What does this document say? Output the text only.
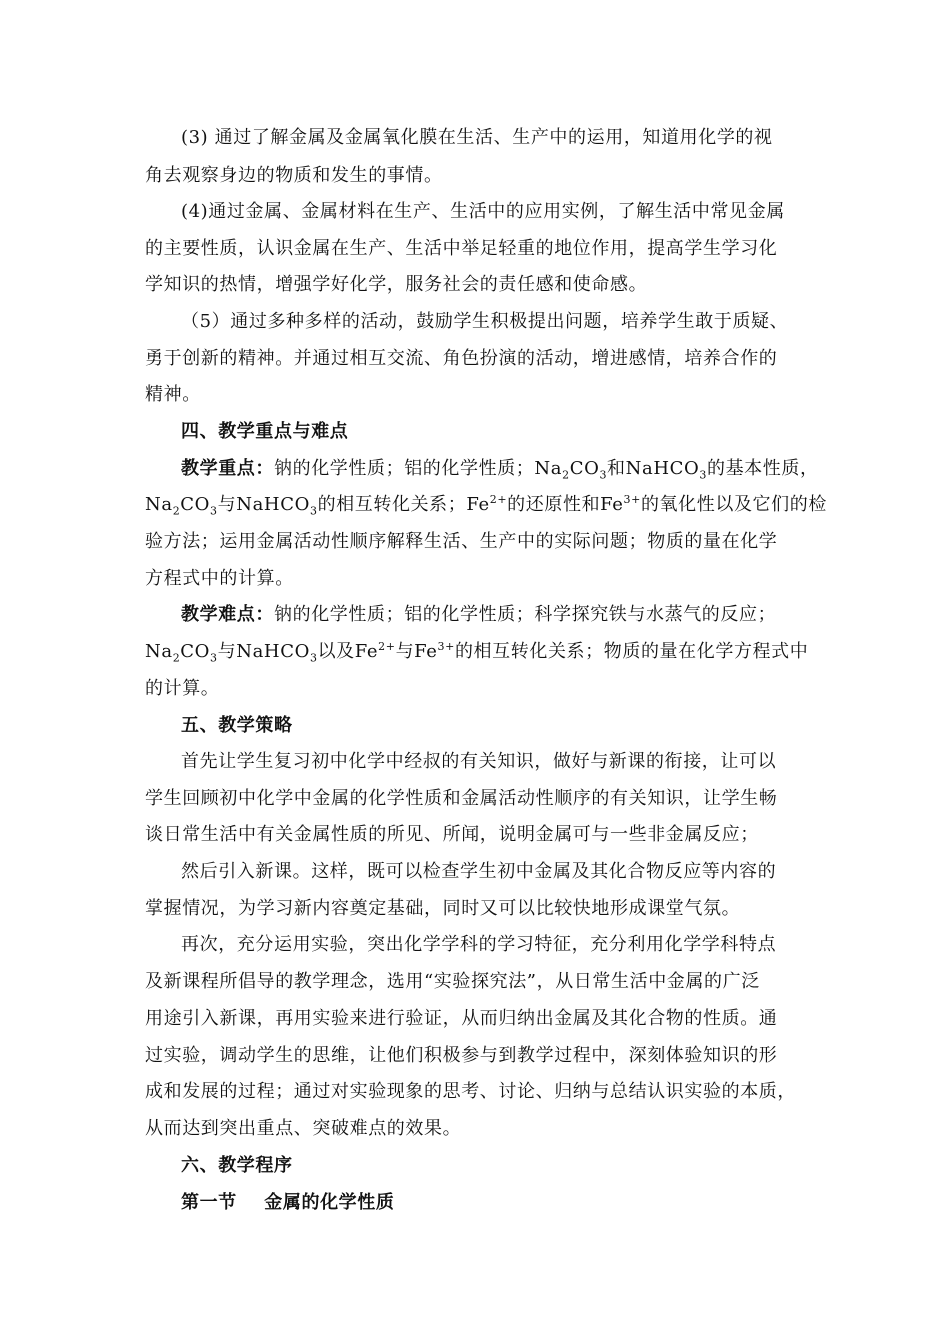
(3) 通过了解金属及金属氧化膜在生活、生产中的运用，知道用化学的视
角去观察身边的物质和发生的事情。
(4)通过金属、金属材料在生产、生活中的应用实例，了解生活中常见金属
的主要性质，认识金属在生产、生活中举足轻重的地位作用，提高学生学习化
学知识的热情，增强学好化学，服务社会的责任感和使命感。
（5）通过多种多样的活动，鼓励学生积极提出问题，培养学生敢于质疑、
勇于创新的精神。并通过相互交流、角色扮演的活动，增进感情，培养合作的
精神。
四、教学重点与难点
教学重点：钠的化学性质；铝的化学性质；$Na_2CO_3$和NaHCO$_3$的基本性质，
$Na_2CO_3$与NaHCO$_3$的相互转化关系；$Fe^{2+}$的还原性和$Fe^{3+}$的氧化性以及它们的检
验方法；运用金属活动性顺序解释生活、生产中的实际问题；物质的量在化学
方程式中的计算。
教学难点：钠的化学性质；铝的化学性质；科学探究铁与水蒸气的反应；
$Na_2CO_3$与NaHCO$_3$以及$Fe^{2+}$与$Fe^{3+}$的相互转化关系；物质的量在化学方程式中
的计算。
五、教学策略
首先让学生复习初中化学中经叔的有关知识，做好与新课的衔接，让可以
学生回顾初中化学中金属的化学性质和金属活动性顺序的有关知识，让学生畅
谈日常生活中有关金属性质的所见、所闻，说明金属可与一些非金属反应；
然后引入新课。这样，既可以检查学生初中金属及其化合物反应等内容的
掌握情况，为学习新内容奠定基础，同时又可以比较快地形成课堂气氛。
再次，充分运用实验，突出化学学科的学习特征，充分利用化学学科特点
及新课程所倡导的教学理念，选用“实验探究法”，从日常生活中金属的广泛
用途引入新课，再用实验来进行验证，从而归纳出金属及其化合物的性质。通
过实验，调动学生的思维，让他们积极参与到教学过程中，深刻体验知识的形
成和发展的过程；通过对实验现象的思考、讨论、归纳与总结认识实验的本质，
从而达到突出重点、突破难点的效果。
六、教学程序
第一节    金属的化学性质
